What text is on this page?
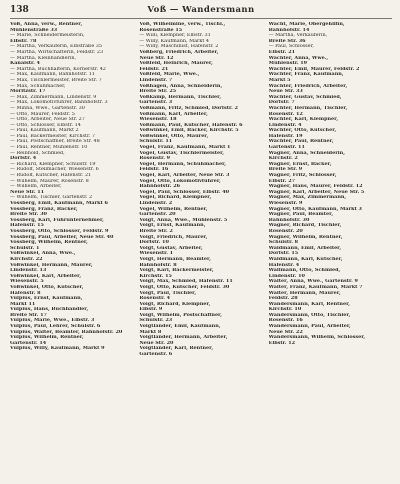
138	Voß — Wandersmann
Voß, Anna, verw., Rentner,
Mühlenstraße 33
— Marie, Schneidermeisterin,
Elbstr. 78
— Martha, Verkäuferin, Elbstraße 35
— Martha, Wirtschafterin, Feldstr. 23
— Martha, Kleinhändlerin,
Kanalstr. 4
— Martha, Buchhalterin, Körnerstr. 42
— Max, Kaufmann, Bahnhofstr. 11
— Max, Tischlermeister, Breite Str. 7
— Max, Schuhmacher,
Moritzstr. 17
— Max, Zimmermann, Lindenstr. 9
— Max, Lokomotivführer, Bahnhofstr. 3
— Minna, Wwe., Gartenstr. 30
— Otto, Maurer, Feldstr. 5
— Otto, Arbeiter, Neue Str. 27
— Otto, Schlosser, Elbstr. 14
— Paul, Kaufmann, Markt 2
— Paul, Bäckermeister, Kirchstr. 7
— Paul, Postschaffner, Breite Str. 48
— Paul, Rentner, Mühlenstr. 10
— Reinhold, Schmied,
Dorfstr. 4
— Richard, Klempner, Schulstr. 19
— Rudolf, Stellmacher, Wiesenstr. 6
— Rudolf, Kutscher, Hafenstr. 21
— Wilhelm, Maurer, Rosenstr. 8
— Wilhelm, Arbeiter,
Neue Str. 11
— Wilhelm, Tischler, Gartenstr. 2
Vossberg, Emil, Kaufmann, Markt 6
Vossberg, Franz, Bäcker,
Breite Str. 30
Vossberg, Karl, Fuhrunternehmer,
Hafenstr. 15
Vossberg, Otto, Schlosser, Feldstr. 9
Vossberg, Paul, Arbeiter, Neue Str. 40
Vossberg, Wilhelm, Rentner,
Schulstr. 1
Voßwinkel, Anna, Wwe.,
Kirchstr. 22
Voßwinkel, Hermann, Maurer,
Lindenstr. 13
Voßwinkel, Karl, Arbeiter,
Wiesenstr. 5
Voßwinkel, Otto, Kutscher,
Hafenstr. 8
Vulpius, Ernst, Kaufmann,
Markt 11
Vulpius, Hans, Buchhändler,
Breite Str. 17
Vulpius, Marie, Wwe., Elbstr. 3
Vulpius, Paul, Lehrer, Schulstr. 6
Vulpius, Walter, Beamter, Bahnhofstr. 20
Vulpius, Wilhelm, Rentner,
Gartenstr. 14
Vulpius, Willy, Kaufmann, Markt 9
Voß, Wilhelmine, verw., Tischl.,
Rosenstraße 15
— Willi, Klempner, Elbstr. 31
— Willy, Kaufmann, Markt 4
— Willy, Maschinist, Hafenstr. 2
Voßberg, Friedrich, Arbeiter,
Neue Str. 12
Voßfeld, Heinrich, Maurer,
Feldstr. 21
Voßfeld, Marie, Wwe.,
Lindenstr. 7
Voßhagen, Anna, Schneiderin,
Breite Str. 25
Voßkamp, Hermann, Tischler,
Gartenstr. 3
Voßmann, Fritz, Schmied, Dorfstr. 2
Voßmann, Karl, Arbeiter,
Wiesenstr. 18
Voßmann, Paul, Kutscher, Hafenstr. 6
Voßwinkel, Emil, Bäcker, Kirchstr. 5
Voßwinkel, Otto, Maurer,
Schulstr. 11
Vogel, Franz, Kaufmann, Markt 1
Vogel, Gustav, Tischlermeister,
Rosenstr. 9
Vogel, Hermann, Schuhmacher,
Feldstr. 16
Vogel, Karl, Arbeiter, Neue Str. 3
Vogel, Otto, Lokomotivführer,
Bahnhofstr. 26
Vogel, Paul, Schlosser, Elbstr. 40
Vogel, Richard, Klempner,
Lindenstr. 2
Vogel, Wilhelm, Rentner,
Gartenstr. 20
Voigt, Anna, Wwe., Mühlenstr. 5
Voigt, Ernst, Kaufmann,
Breite Str. 2
Voigt, Friedrich, Maurer,
Dorfstr. 10
Voigt, Gustav, Arbeiter,
Wiesenstr. 1
Voigt, Hermann, Beamter,
Bahnhofstr. 8
Voigt, Karl, Bäckermeister,
Kirchstr. 15
Voigt, Max, Schmied, Hafenstr. 11
Voigt, Otto, Kutscher, Feldstr. 30
Voigt, Paul, Tischler,
Rosenstr. 4
Voigt, Richard, Klempner,
Elbstr. 9
Voigt, Wilhelm, Postschaffner,
Schulstr. 23
Voigtländer, Emil, Kaufmann,
Markt 8
Voigtländer, Hermann, Arbeiter,
Neue Str. 20
Voigtländer, Karl, Rentner,
Gartenstr. 6
Wächt, Marie, Obergehilfin,
Bahnhofstr. 14
— Martha, Verkäuferin,
Breite Str. 36
— Paul, Schlosser,
Elbstr. 21
Wächter, Anna, Wwe.,
Mühlenstr. 19
Wächter, Emil, Maurer, Feldstr. 2
Wächter, Franz, Kaufmann,
Markt 5
Wächter, Friedrich, Arbeiter,
Neue Str. 33
Wächter, Gustav, Schmied,
Dorfstr. 7
Wächter, Hermann, Tischler,
Rosenstr. 12
Wächter, Karl, Klempner,
Lindenstr. 4
Wächter, Otto, Kutscher,
Hafenstr. 19
Wächter, Paul, Rentner,
Gartenstr. 11
Wagner, Anna, Schneiderin,
Kirchstr. 2
Wagner, Ernst, Bäcker,
Breite Str. 9
Wagner, Fritz, Schlosser,
Elbstr. 27
Wagner, Hans, Maurer, Feldstr. 12
Wagner, Karl, Arbeiter, Neue Str. 5
Wagner, Max, Zimmermann,
Wiesenstr. 9
Wagner, Otto, Kaufmann, Markt 3
Wagner, Paul, Beamter,
Bahnhofstr. 30
Wagner, Richard, Tischler,
Rosenstr. 20
Wagner, Wilhelm, Rentner,
Schulstr. 8
Waldmann, Emil, Arbeiter,
Dorfstr. 15
Waldmann, Karl, Kutscher,
Hafenstr. 4
Wallmann, Otto, Schmied,
Lindenstr. 10
Walter, Anna, Wwe., Gartenstr. 9
Walter, Franz, Kaufmann, Markt 7
Walter, Hermann, Maurer,
Feldstr. 28
Wandersmann, Karl, Rentner,
Kirchstr. 10
Wandersmann, Otto, Tischler,
Rosenstr. 16
Wandersmann, Paul, Arbeiter,
Neue Str. 22
Wandersmann, Wilhelm, Schlosser,
Elbstr. 12
